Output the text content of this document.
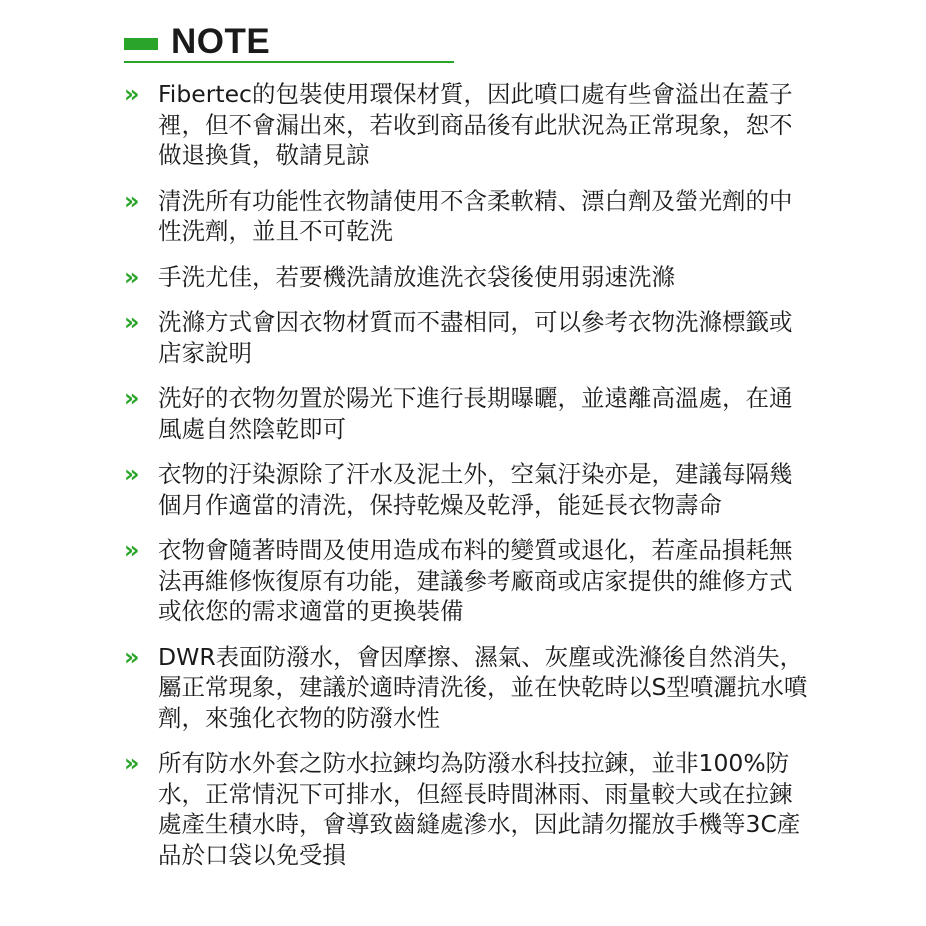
NOTE
» Fibertec的包裝使用環保材質，因此噴口處有些會溢出在蓋子裡，但不會漏出來，若收到商品後有此狀況為正常現象，恕不做退換貨，敬請見諒
» 清洗所有功能性衣物請使用不含柔軟精、漂白劑及螢光劑的中性洗劑，並且不可乾洗
» 手洗尤佳，若要機洗請放進洗衣袋後使用弱速洗滌
» 洗滌方式會因衣物材質而不盡相同，可以參考衣物洗滌標籤或店家說明
» 洗好的衣物勿置於陽光下進行長期曝曬，並遠離高溫處，在通風處自然陰乾即可
» 衣物的汙染源除了汗水及泥土外，空氣汙染亦是，建議每隔幾個月作適當的清洗，保持乾燥及乾淨，能延長衣物壽命
» 衣物會隨著時間及使用造成布料的變質或退化，若產品損耗無法再維修恢復原有功能，建議參考廠商或店家提供的維修方式或依您的需求適當的更換裝備
» DWR表面防潑水，會因摩擦、濕氣、灰塵或洗滌後自然消失，屬正常現象，建議於適時清洗後，並在快乾時以S型噴灑抗水噴劑，來強化衣物的防潑水性
» 所有防水外套之防水拉鍊均為防潑水科技拉鍊，並非100%防水，正常情況下可排水，但經長時間淋雨、雨量較大或在拉鍊處產生積水時，會導致齒縫處滲水，因此請勿擺放手機等3C產品於口袋以免受損
